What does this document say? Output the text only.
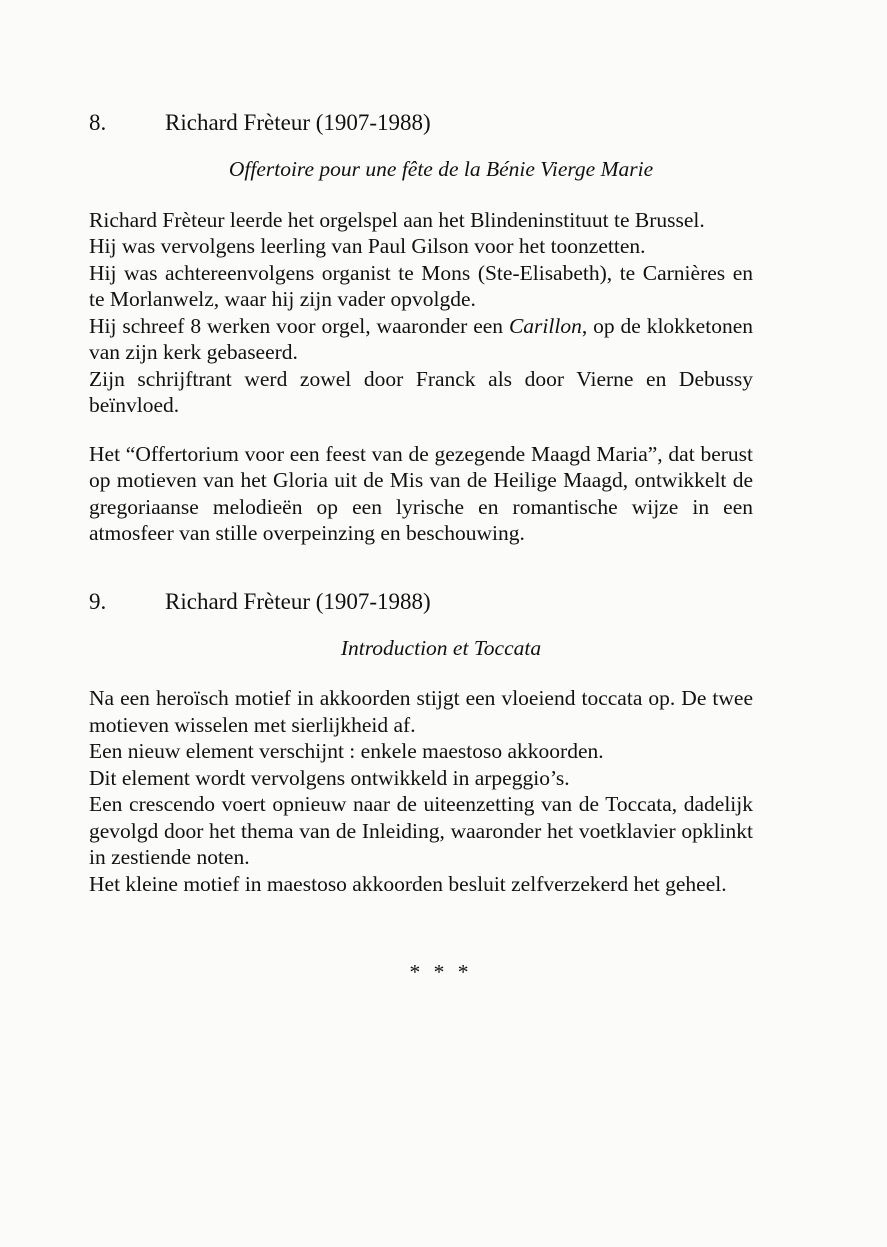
8.	Richard Frèteur (1907-1988)

Offertoire pour une fête de la Bénie Vierge Marie

Richard Frèteur leerde het orgelspel aan het Blindeninstituut te Brussel.

Hij was vervolgens leerling van Paul Gilson voor het toonzetten.

Hij was achtereenvolgens organist te Mons (Ste-Elisabeth), te Carnières en te Morlanwelz, waar hij zijn vader opvolgde.

Hij schreef 8 werken voor orgel, waaronder een Carillon, op de klokketonen van zijn kerk gebaseerd.

Zijn schrijftrant werd zowel door Franck als door Vierne en Debussy beïnvloed.

Het “Offertorium voor een feest van de gezegende Maagd Maria”, dat berust op motieven van het Gloria uit de Mis van de Heilige Maagd, ontwikkelt de gregoriaanse melodieën op een lyrische en romantische wijze in een atmosfeer van stille overpeinzing en beschouwing.

9.	Richard Frèteur (1907-1988)

Introduction et Toccata

Na een heroïsch motief in akkoorden stijgt een vloeiend toccata op. De twee motieven wisselen met sierlijkheid af.

Een nieuw element verschijnt : enkele maestoso akkoorden.

Dit element wordt vervolgens ontwikkeld in arpeggio’s.

Een crescendo voert opnieuw naar de uiteenzetting van de Toccata, dadelijk gevolgd door het thema van de Inleiding, waaronder het voetklavier opklinkt in zestiende noten.

Het kleine motief in maestoso akkoorden besluit zelfverzekerd het geheel.

* * *
